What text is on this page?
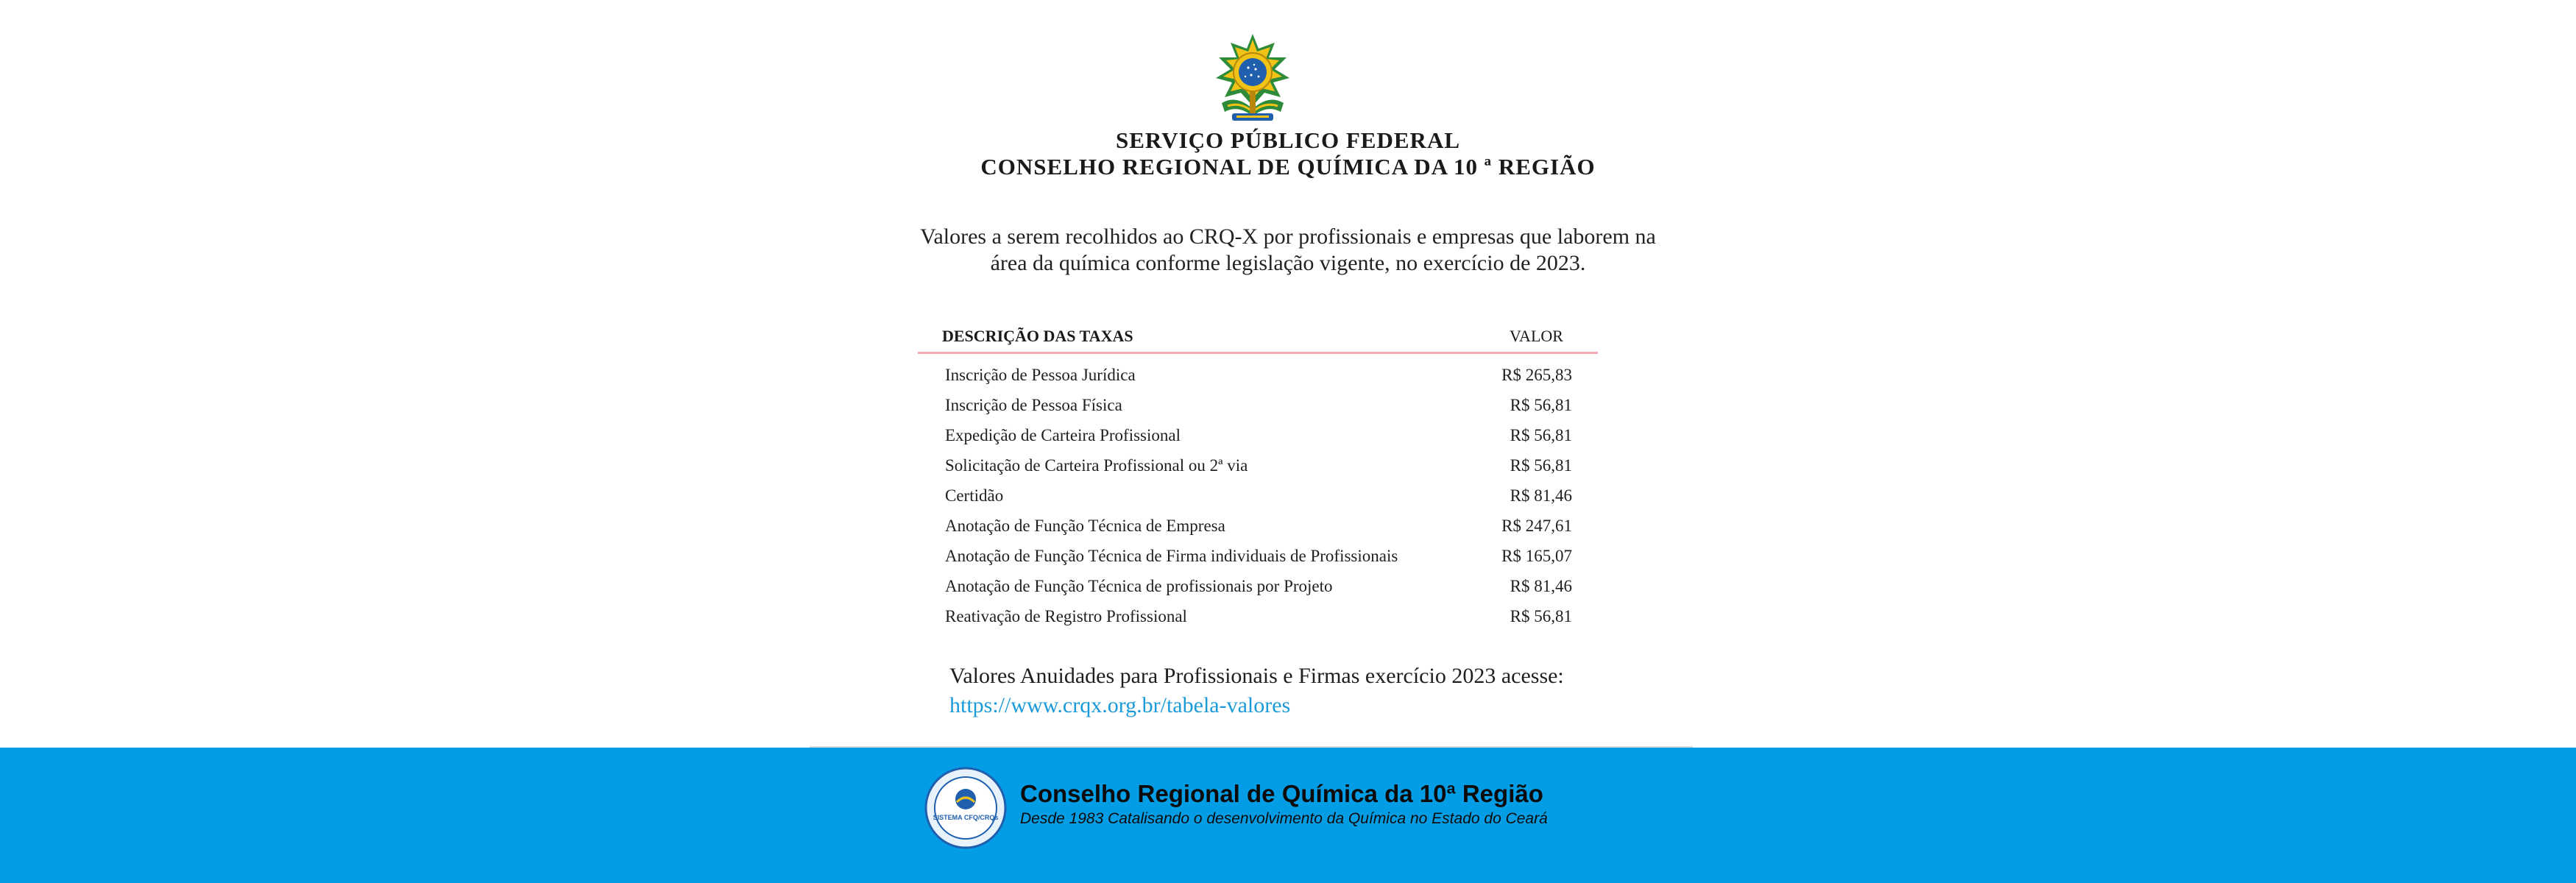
SERVIÇO PÚBLICO FEDERAL
CONSELHO REGIONAL DE QUÍMICA DA 10 ª REGIÃO
Valores a serem recolhidos ao CRQ-X por profissionais e empresas que laborem na
área da química conforme legislação vigente, no exercício de 2023.
DESCRIÇÃO DAS TAXAS	VALOR
Inscrição de Pessoa Jurídica	R$ 265,83
Inscrição de Pessoa Física	R$ 56,81
Expedição de Carteira Profissional	R$ 56,81
Solicitação de Carteira Profissional ou 2ª via	R$ 56,81
Certidão	R$ 81,46
Anotação de Função Técnica de Empresa	R$ 247,61
Anotação de Função Técnica de Firma individuais de Profissionais	R$ 165,07
Anotação de Função Técnica de profissionais por Projeto	R$ 81,46
Reativação de Registro Profissional	R$ 56,81
Valores Anuidades para Profissionais e Firmas exercício 2023 acesse:
https://www.crqx.org.br/tabela-valores
SISTEMA CFQ/CRQs
Conselho Regional de Química da 10ª Região
Desde 1983 Catalisando o desenvolvimento da Química no Estado do Ceará
